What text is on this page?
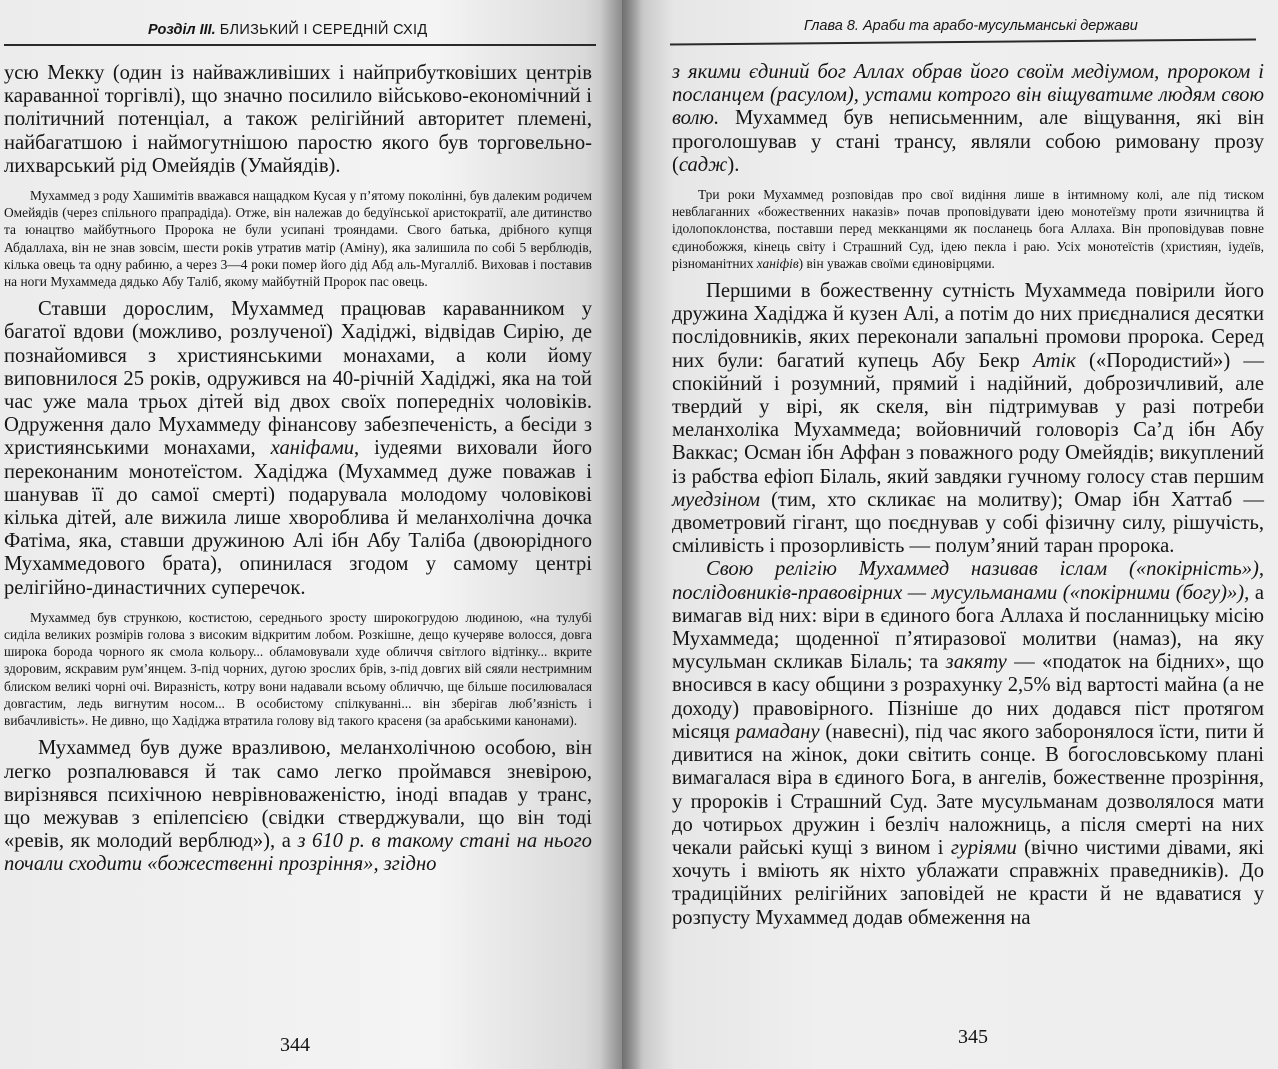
Розділ III. БЛИЗЬКИЙ І СЕРЕДНІЙ СХІД

усю Мекку (один із найважливіших і найприбутковіших центрів караванної торгівлі), що значно посилило військово-економічний і політичний потенціал, а також релігійний авторитет племені, найбагатшою і наймогутнішою паростю якого був торговельно-лихварський рід Омейядів (Умайядів).

Мухаммед з роду Хашимітів вважався нащадком Кусая у п’ятому поколінні, був далеким родичем Омейядів (через спільного прапрадіда). Отже, він належав до бедуїнської аристократії, але дитинство та юнацтво майбутнього Пророка не були усипані трояндами. Свого батька, дрібного купця Абдаллаха, він не знав зовсім, шести років утратив матір (Аміну), яка залишила по собі 5 верблюдів, кілька овець та одну рабиню, а через 3—4 роки помер його дід Абд аль-Мугалліб. Виховав і поставив на ноги Мухаммеда дядько Абу Таліб, якому майбутній Пророк пас овець.

Ставши дорослим, Мухаммед працював караванником у багатої вдови (можливо, розлученої) Хадіджі, відвідав Сирію, де познайомився з християнськими монахами, а коли йому виповнилося 25 років, одружився на 40-річній Хадіджі, яка на той час уже мала трьох дітей від двох своїх попередніх чоловіків. Одруження дало Мухаммеду фінансову забезпеченість, а бесіди з християнськими монахами, ханіфами, іудеями виховали його переконаним монотеїстом. Хадіджа (Мухаммед дуже поважав і шанував її до самої смерті) подарувала молодому чоловікові кілька дітей, але вижила лише хвороблива й меланхолічна дочка Фатіма, яка, ставши дружиною Алі ібн Абу Таліба (двоюрідного Мухаммедового брата), опинилася згодом у самому центрі релігійно-династичних суперечок.

Мухаммед був стрункою, костистою, середнього зросту широкогрудою людиною, «на тулубі сиділа великих розмірів голова з високим відкритим лобом. Розкішне, дещо кучеряве волосся, довга широка борода чорного як смола кольору... обламовували худе обличчя світлого відтінку... вкрите здоровим, яскравим рум’янцем. З-під чорних, дугою зрослих брів, з-під довгих вій сяяли нестримним блиском великі чорні очі. Виразність, котру вони надавали всьому обличчю, ще більше посилювалася довгастим, ледь вигнутим носом... В особистому спілкуванні... він зберігав люб’язність і вибачливість». Не дивно, що Хадіджа втратила голову від такого красеня (за арабськими канонами).

Мухаммед був дуже вразливою, меланхолічною особою, він легко розпалювався й так само легко проймався зневірою, вирізнявся психічною неврівноваженістю, іноді впадав у транс, що межував з епілепсією (свідки стверджували, що він тоді «ревів, як молодий верблюд»), а з 610 р. в такому стані на нього почали сходити «божественні прозріння», згідно

344
Глава 8. Араби та арабо-мусульманські держави

з якими єдиний бог Аллах обрав його своїм медіумом, пророком і посланцем (расулом), устами котрого він віщуватиме людям свою волю. Мухаммед був неписьменним, але віщування, які він проголошував у стані трансу, являли собою римовану прозу (садж).

Три роки Мухаммед розповідав про свої видіння лише в інтимному колі, але під тиском невблаганних «божественних наказів» почав проповідувати ідею монотеїзму проти язичництва й ідолопоклонства, поставши перед мекканцями як посланець бога Аллаха. Він проповідував повне єдинобожжя, кінець світу і Страшний Суд, ідею пекла і раю. Усіх монотеїстів (християн, іудеїв, різноманітних ханіфів) він уважав своїми єдиновірцями.

Першими в божественну сутність Мухаммеда повірили його дружина Хадіджа й кузен Алі, а потім до них приєдналися десятки послідовників, яких переконали запальні промови пророка. Серед них були: багатий купець Абу Бекр Атік («Породистий») — спокійний і розумний, прямий і надійний, доброзичливий, але твердий у вірі, як скеля, він підтримував у разі потреби меланхоліка Мухаммеда; войовничий головоріз Са’д ібн Абу Ваккас; Осман ібн Аффан з поважного роду Омейядів; викуплений із рабства ефіоп Білаль, який завдяки гучному голосу став першим муедзіном (тим, хто скликає на молитву); Омар ібн Хаттаб — двометровий гігант, що поєднував у собі фізичну силу, рішучість, сміливість і прозорливість — полум’яний таран пророка.

Свою релігію Мухаммед називав іслам («покірність»), послідовників-правовірних — мусульманами («покірними (богу)»), а вимагав від них: віри в єдиного бога Аллаха й посланницьку місію Мухаммеда; щоденної п’ятиразової молитви (намаз), на яку мусульман скликав Білаль; та закяту — «податок на бідних», що вносився в касу общини з розрахунку 2,5% від вартості майна (а не доходу) правовірного. Пізніше до них додався піст протягом місяця рамадану (навесні), під час якого заборонялося їсти, пити й дивитися на жінок, доки світить сонце. В богословському плані вимагалася віра в єдиного Бога, в ангелів, божественне прозріння, у пророків і Страшний Суд. Зате мусульманам дозволялося мати до чотирьох дружин і безліч наложниць, а після смерті на них чекали райські кущі з вином і гуріями (вічно чистими дівами, які хочуть і вміють як ніхто ублажати справжніх праведників). До традиційних релігійних заповідей не красти й не вдаватися у розпусту Мухаммед додав обмеження на

345
